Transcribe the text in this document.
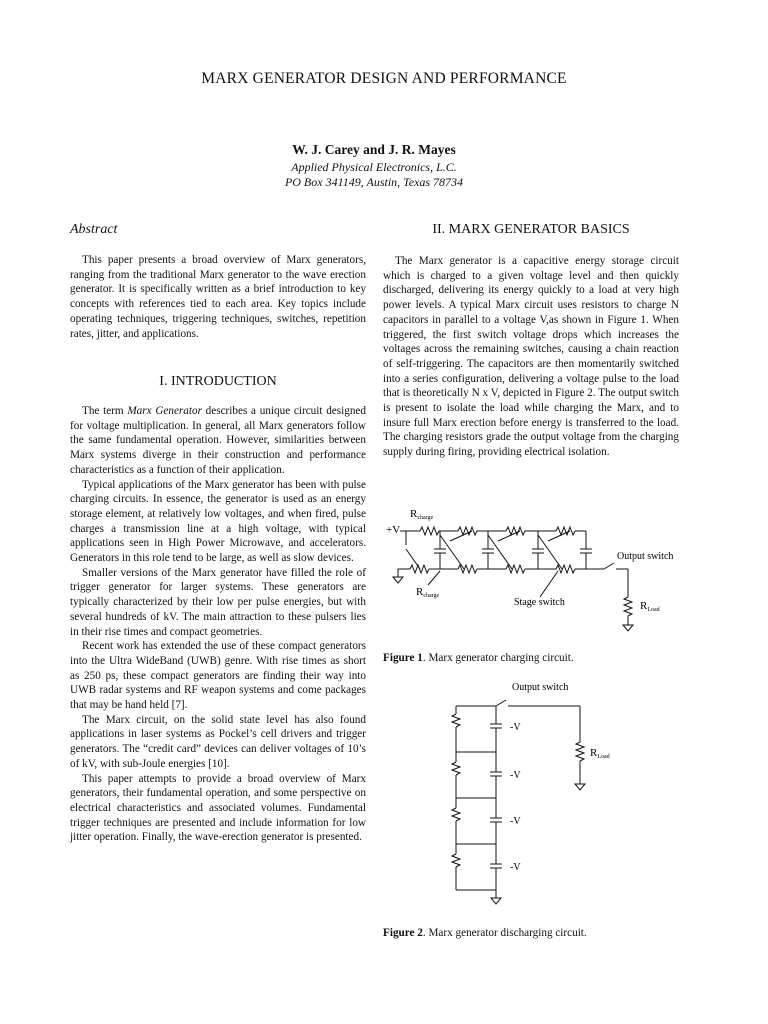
MARX GENERATOR DESIGN AND PERFORMANCE
W. J. Carey and J. R. Mayes
Applied Physical Electronics, L.C.
PO Box 341149, Austin, Texas 78734
Abstract

This paper presents a broad overview of Marx generators, ranging from the traditional Marx generator to the wave erection generator. It is specifically written as a brief introduction to key concepts with references tied to each area. Key topics include operating techniques, triggering techniques, switches, repetition rates, jitter, and applications.

I. INTRODUCTION

The term Marx Generator describes a unique circuit designed for voltage multiplication. In general, all Marx generators follow the same fundamental operation. However, similarities between Marx systems diverge in their construction and performance characteristics as a function of their application.

Typical applications of the Marx generator has been with pulse charging circuits. In essence, the generator is used as an energy storage element, at relatively low voltages, and when fired, pulse charges a transmission line at a high voltage, with typical applications seen in High Power Microwave, and accelerators. Generators in this role tend to be large, as well as slow devices.

Smaller versions of the Marx generator have filled the role of trigger generator for larger systems. These generators are typically characterized by their low per pulse energies, but with several hundreds of kV. The main attraction to these pulsers lies in their rise times and compact geometries.

Recent work has extended the use of these compact generators into the Ultra WideBand (UWB) genre. With rise times as short as 250 ps, these compact generators are finding their way into UWB radar systems and RF weapon systems and come packages that may be hand held [7].

The Marx circuit, on the solid state level has also found applications in laser systems as Pockel’s cell drivers and trigger generators. The “credit card” devices can deliver voltages of 10’s of kV, with sub-Joule energies [10].

This paper attempts to provide a broad overview of Marx generators, their fundamental operation, and some perspective on electrical characteristics and associated volumes. Fundamental trigger techniques are presented and include information for low jitter operation. Finally, the wave-erection generator is presented.

II. MARX GENERATOR BASICS

The Marx generator is a capacitive energy storage circuit which is charged to a given voltage level and then quickly discharged, delivering its energy quickly to a load at very high power levels. A typical Marx circuit uses resistors to charge N capacitors in parallel to a voltage V,as shown in Figure 1. When triggered, the first switch voltage drops which increases the voltages across the remaining switches, causing a chain reaction of self-triggering. The capacitors are then momentarily switched into a series configuration, delivering a voltage pulse to the load that is theoretically N x V, depicted in Figure 2. The output switch is present to isolate the load while charging the Marx, and to insure full Marx erection before energy is transferred to the load. The charging resistors grade the output voltage from the charging supply during firing, providing electrical isolation.

+V
Rcharge
Output switch
Rcharge
Stage switch	RLoad
Figure 1. Marx generator charging circuit.
Output switch
-V
-V
-V
-V
RLoad
Figure 2. Marx generator discharging circuit.
